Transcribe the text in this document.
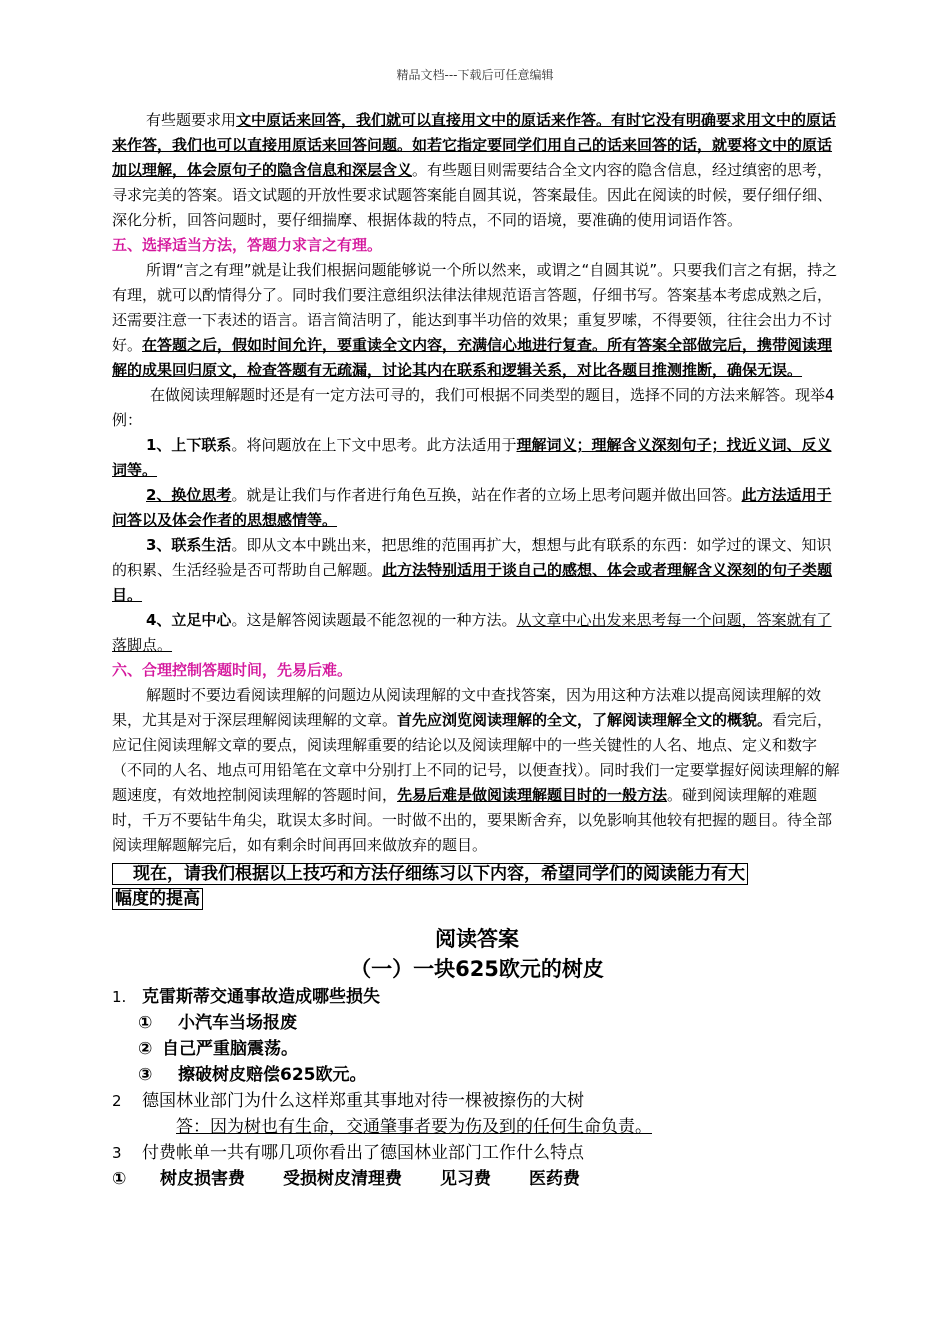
精品文档---下载后可任意编辑

有些题要求用文中原话来回答，我们就可以直接用文中的原话来作答。有时它没有明确要求用文中的原话来作答，我们也可以直接用原话来回答问题。如若它指定要同学们用自己的话来回答的话，就要将文中的原话加以理解，体会原句子的隐含信息和深层含义。有些题目则需要结合全文内容的隐含信息，经过缜密的思考，寻求完美的答案。语文试题的开放性要求试题答案能自圆其说，答案最佳。因此在阅读的时候，要仔细仔细、深化分析，回答问题时，要仔细揣摩、根据体裁的特点，不同的语境，要准确的使用词语作答。

五、选择适当方法，答题力求言之有理。

所谓“言之有理”就是让我们根据问题能够说一个所以然来，或谓之“自圆其说”。只要我们言之有据，持之有理，就可以酌情得分了。同时我们要注意组织法律法律规范语言答题，仔细书写。答案基本考虑成熟之后，还需要注意一下表述的语言。语言简洁明了，能达到事半功倍的效果；重复罗嗦，不得要领，往往会出力不讨好。在答题之后，假如时间允许，要重读全文内容，充满信心地进行复查。所有答案全部做完后，携带阅读理解的成果回归原文，检查答题有无疏漏，讨论其内在联系和逻辑关系，对比各题目推测推断，确保无误。

在做阅读理解题时还是有一定方法可寻的，我们可根据不同类型的题目，选择不同的方法来解答。现举4例：

1、上下联系。将问题放在上下文中思考。此方法适用于理解词义；理解含义深刻句子；找近义词、反义词等。

2、换位思考。就是让我们与作者进行角色互换，站在作者的立场上思考问题并做出回答。此方法适用于问答以及体会作者的思想感情等。

3、联系生活。即从文本中跳出来，把思维的范围再扩大，想想与此有联系的东西：如学过的课文、知识的积累、生活经验是否可帮助自己解题。此方法特别适用于谈自己的感想、体会或者理解含义深刻的句子类题目。

4、立足中心。这是解答阅读题最不能忽视的一种方法。从文章中心出发来思考每一个问题，答案就有了落脚点。

六、合理控制答题时间，先易后难。

解题时不要边看阅读理解的问题边从阅读理解的文中查找答案，因为用这种方法难以提高阅读理解的效果，尤其是对于深层理解阅读理解的文章。首先应浏览阅读理解的全文，了解阅读理解全文的概貌。看完后，应记住阅读理解文章的要点，阅读理解重要的结论以及阅读理解中的一些关键性的人名、地点、定义和数字（不同的人名、地点可用铅笔在文章中分别打上不同的记号，以便查找）。同时我们一定要掌握好阅读理解的解题速度，有效地控制阅读理解的答题时间，先易后难是做阅读理解题目时的一般方法。碰到阅读理解的难题时，千万不要钻牛角尖，耽误太多时间。一时做不出的，要果断舍弃，以免影响其他较有把握的题目。待全部阅读理解题解完后，如有剩余时间再回来做放弃的题目。

现在，请我们根据以上技巧和方法仔细练习以下内容，希望同学们的阅读能力有大
幅度的提高

阅读答案

（一）一块625欧元的树皮

1. 克雷斯蒂交通事故造成哪些损失

① 小汽车当场报废

② 自己严重脑震荡。

③ 擦破树皮赔偿625欧元。

2 德国林业部门为什么这样郑重其事地对待一棵被擦伤的大树

答：因为树也有生命，交通肇事者要为伤及到的任何生命负责。

3 付费帐单一共有哪几项你看出了德国林业部门工作什么特点

① 树皮损害费 受损树皮清理费 见习费 医药费
